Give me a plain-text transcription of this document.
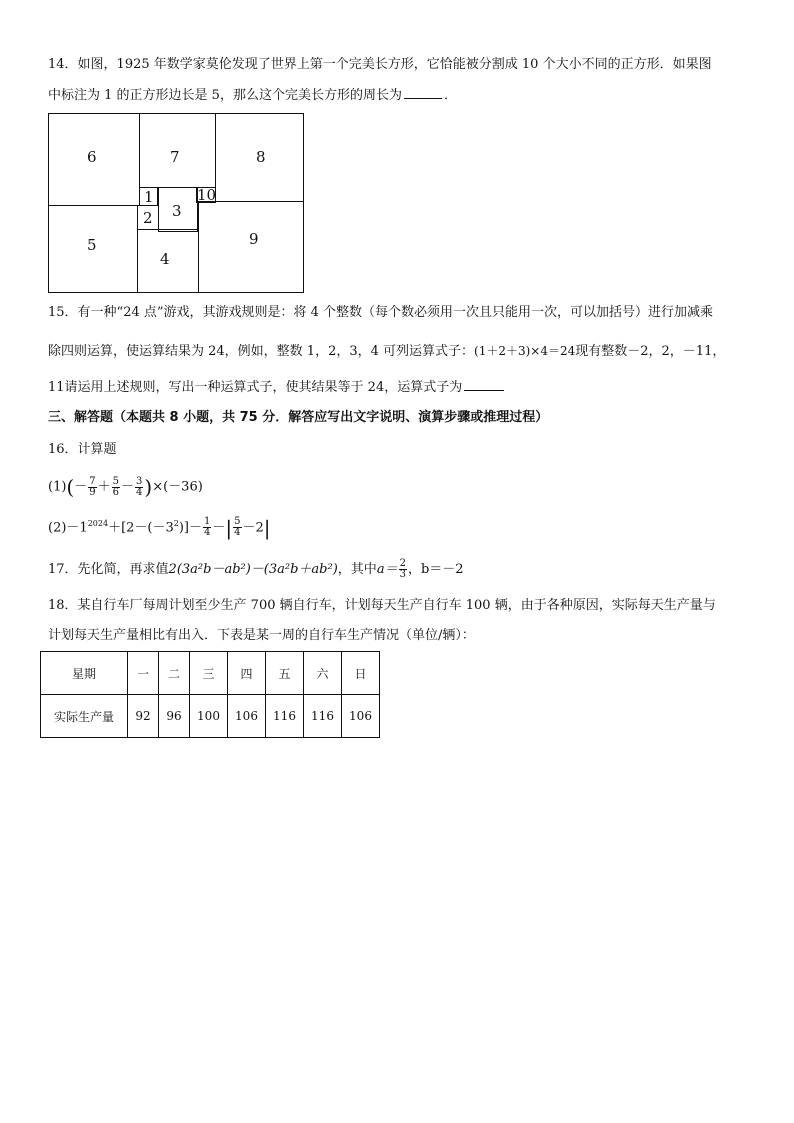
14．如图，1925 年数学家莫伦发现了世界上第一个完美长方形，它恰能被分割成 10 个大小不同的正方形．如果图
中标注为 1 的正方形边长是 5，那么这个完美长方形的周长为	．
6	7	8
1	10
2 3
5
4
9
15．有一种“24 点”游戏，其游戏规则是：将 4 个整数（每个数必须用一次且只能用一次，可以加括号）进行加减乘
除四则运算，使运算结果为 24，例如，整数 1，2，3，4 可列运算式子：(1＋2＋3)×4＝24现有整数－2，2，－11，
11请运用上述规则，写出一种运算式子，使其结果等于 24，运算式子为
三、解答题（本题共 8 小题，共 75 分．解答应写出文字说明、演算步骤或推理过程）
16．计算题
$(1)(- \frac{7}{9} + \frac{5}{6} - \frac{3}{4} )\times(-36)$
$(2)-1^{2024}+[2-(-3^2)]- \frac{1}{4}$ －| $\frac{5}{4} -2|$
17．先化简，再求值2(3a²b－ab²)－(3a²b＋ab²)，其中$a= \frac{2}{3}$ ，b＝－2
18．某自行车厂每周计划至少生产 700 辆自行车，计划每天生产自行车 100 辆，由于各种原因，实际每天生产量与
计划每天生产量相比有出入．下表是某一周的自行车生产情况（单位/辆）：
星期	一	二	三	四	五	六	日
实际生产量	92	96	100	106	116	116	106
